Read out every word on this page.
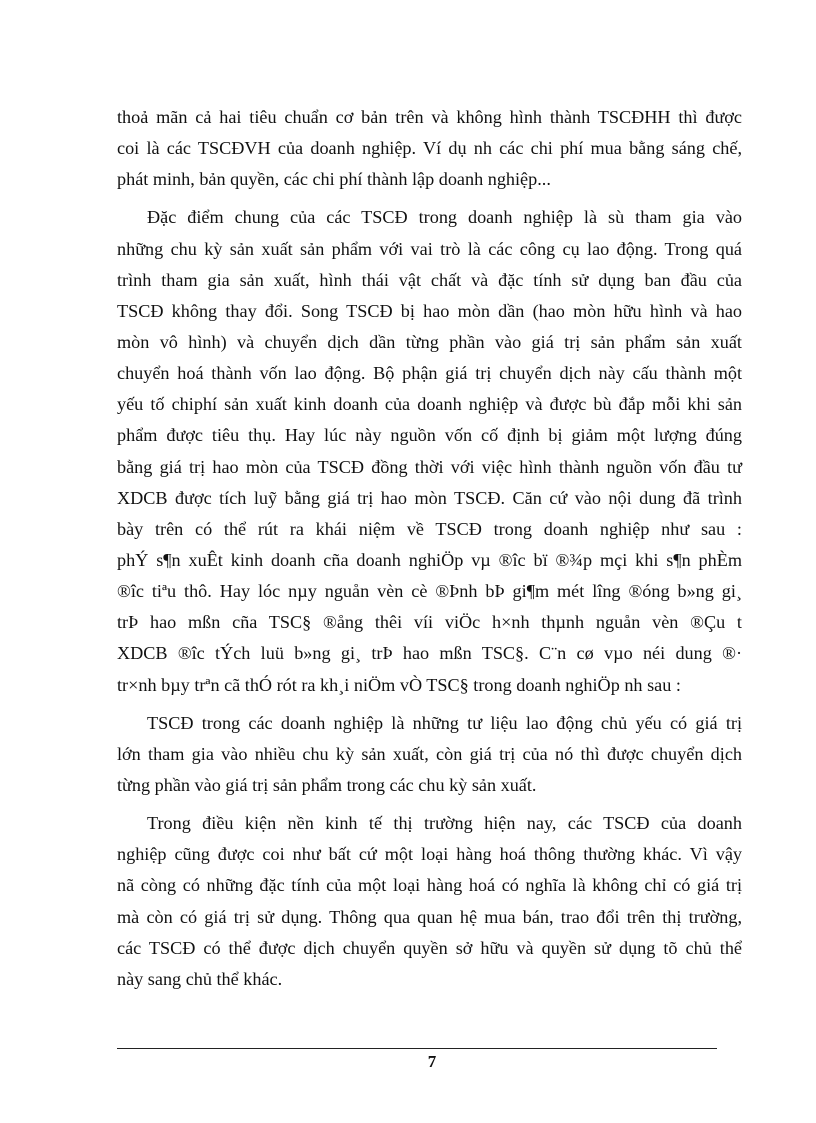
thoả mãn cả hai tiêu chuẩn cơ bản trên và không hình thành TSCĐHH thì được
coi là các TSCĐVH của doanh nghiệp. Ví dụ nh các chi phí mua bằng sáng chế,
phát minh, bản quyền, các chi phí thành lập doanh nghiệp...
Đặc điểm chung của các TSCĐ trong doanh nghiệp là sù tham gia vào
những chu kỳ sản xuất sản phẩm với vai trò là các công cụ lao động. Trong quá
trình tham gia sản xuất, hình thái vật chất và đặc tính sử dụng ban đầu của
TSCĐ không thay đổi. Song TSCĐ bị hao mòn dần (hao mòn hữu hình và hao
mòn vô hình) và chuyển dịch dần từng phần vào giá trị sản phẩm sản xuất
chuyển hoá thành vốn lao động. Bộ phận giá trị chuyển dịch này cấu thành một
yếu tố chiphí sản xuất kinh doanh của doanh nghiệp và được bù đắp mỗi khi sản
phẩm được tiêu thụ. Hay lúc này nguồn vốn cố định bị giảm một lượng đúng
bằng giá trị hao mòn của TSCĐ đồng thời với việc hình thành nguồn vốn đầu tư
XDCB được tích luỹ bằng giá trị hao mòn TSCĐ. Căn cứ vào nội dung đã trình
bày trên có thể rút ra khái niệm về TSCĐ trong doanh nghiệp như sau :
phÝ s¶n xuÊt kinh doanh cña doanh nghiÖp vµ ®îc bï ®¾p mçi khi s¶n phÈm
®îc tiªu thô. Hay lóc nµy nguån vèn cè ®Þnh bÞ gi¶m mét lîng ®óng b»ng gi¸
trÞ hao mßn cña TSC§ ®ång thêi víi viÖc h×nh thµnh nguån vèn ®Çu t
XDCB ®îc tÝch luü b»ng gi¸ trÞ hao mßn TSC§. C¨n cø vµo néi dung ®·
tr×nh bµy trªn cã thÓ rót ra kh¸i niÖm vÒ TSC§ trong doanh nghiÖp nh sau :
TSCĐ trong các doanh nghiệp là những tư liệu lao động chủ yếu có giá trị
lớn tham gia vào nhiều chu kỳ sản xuất, còn giá trị của nó thì được chuyển dịch
từng phần vào giá trị sản phẩm trong các chu kỳ sản xuất.
Trong điều kiện nền kinh tế thị trường hiện nay, các TSCĐ của doanh
nghiệp cũng được coi như bất cứ một loại hàng hoá thông thường khác. Vì vậy
nã còng có những đặc tính của một loại hàng hoá có nghĩa là không chỉ có giá trị
mà còn có giá trị sử dụng. Thông qua quan hệ mua bán, trao đổi trên thị trường,
các TSCĐ có thể được dịch chuyển quyền sở hữu và quyền sử dụng tõ chủ thể
này sang chủ thể khác.
7
